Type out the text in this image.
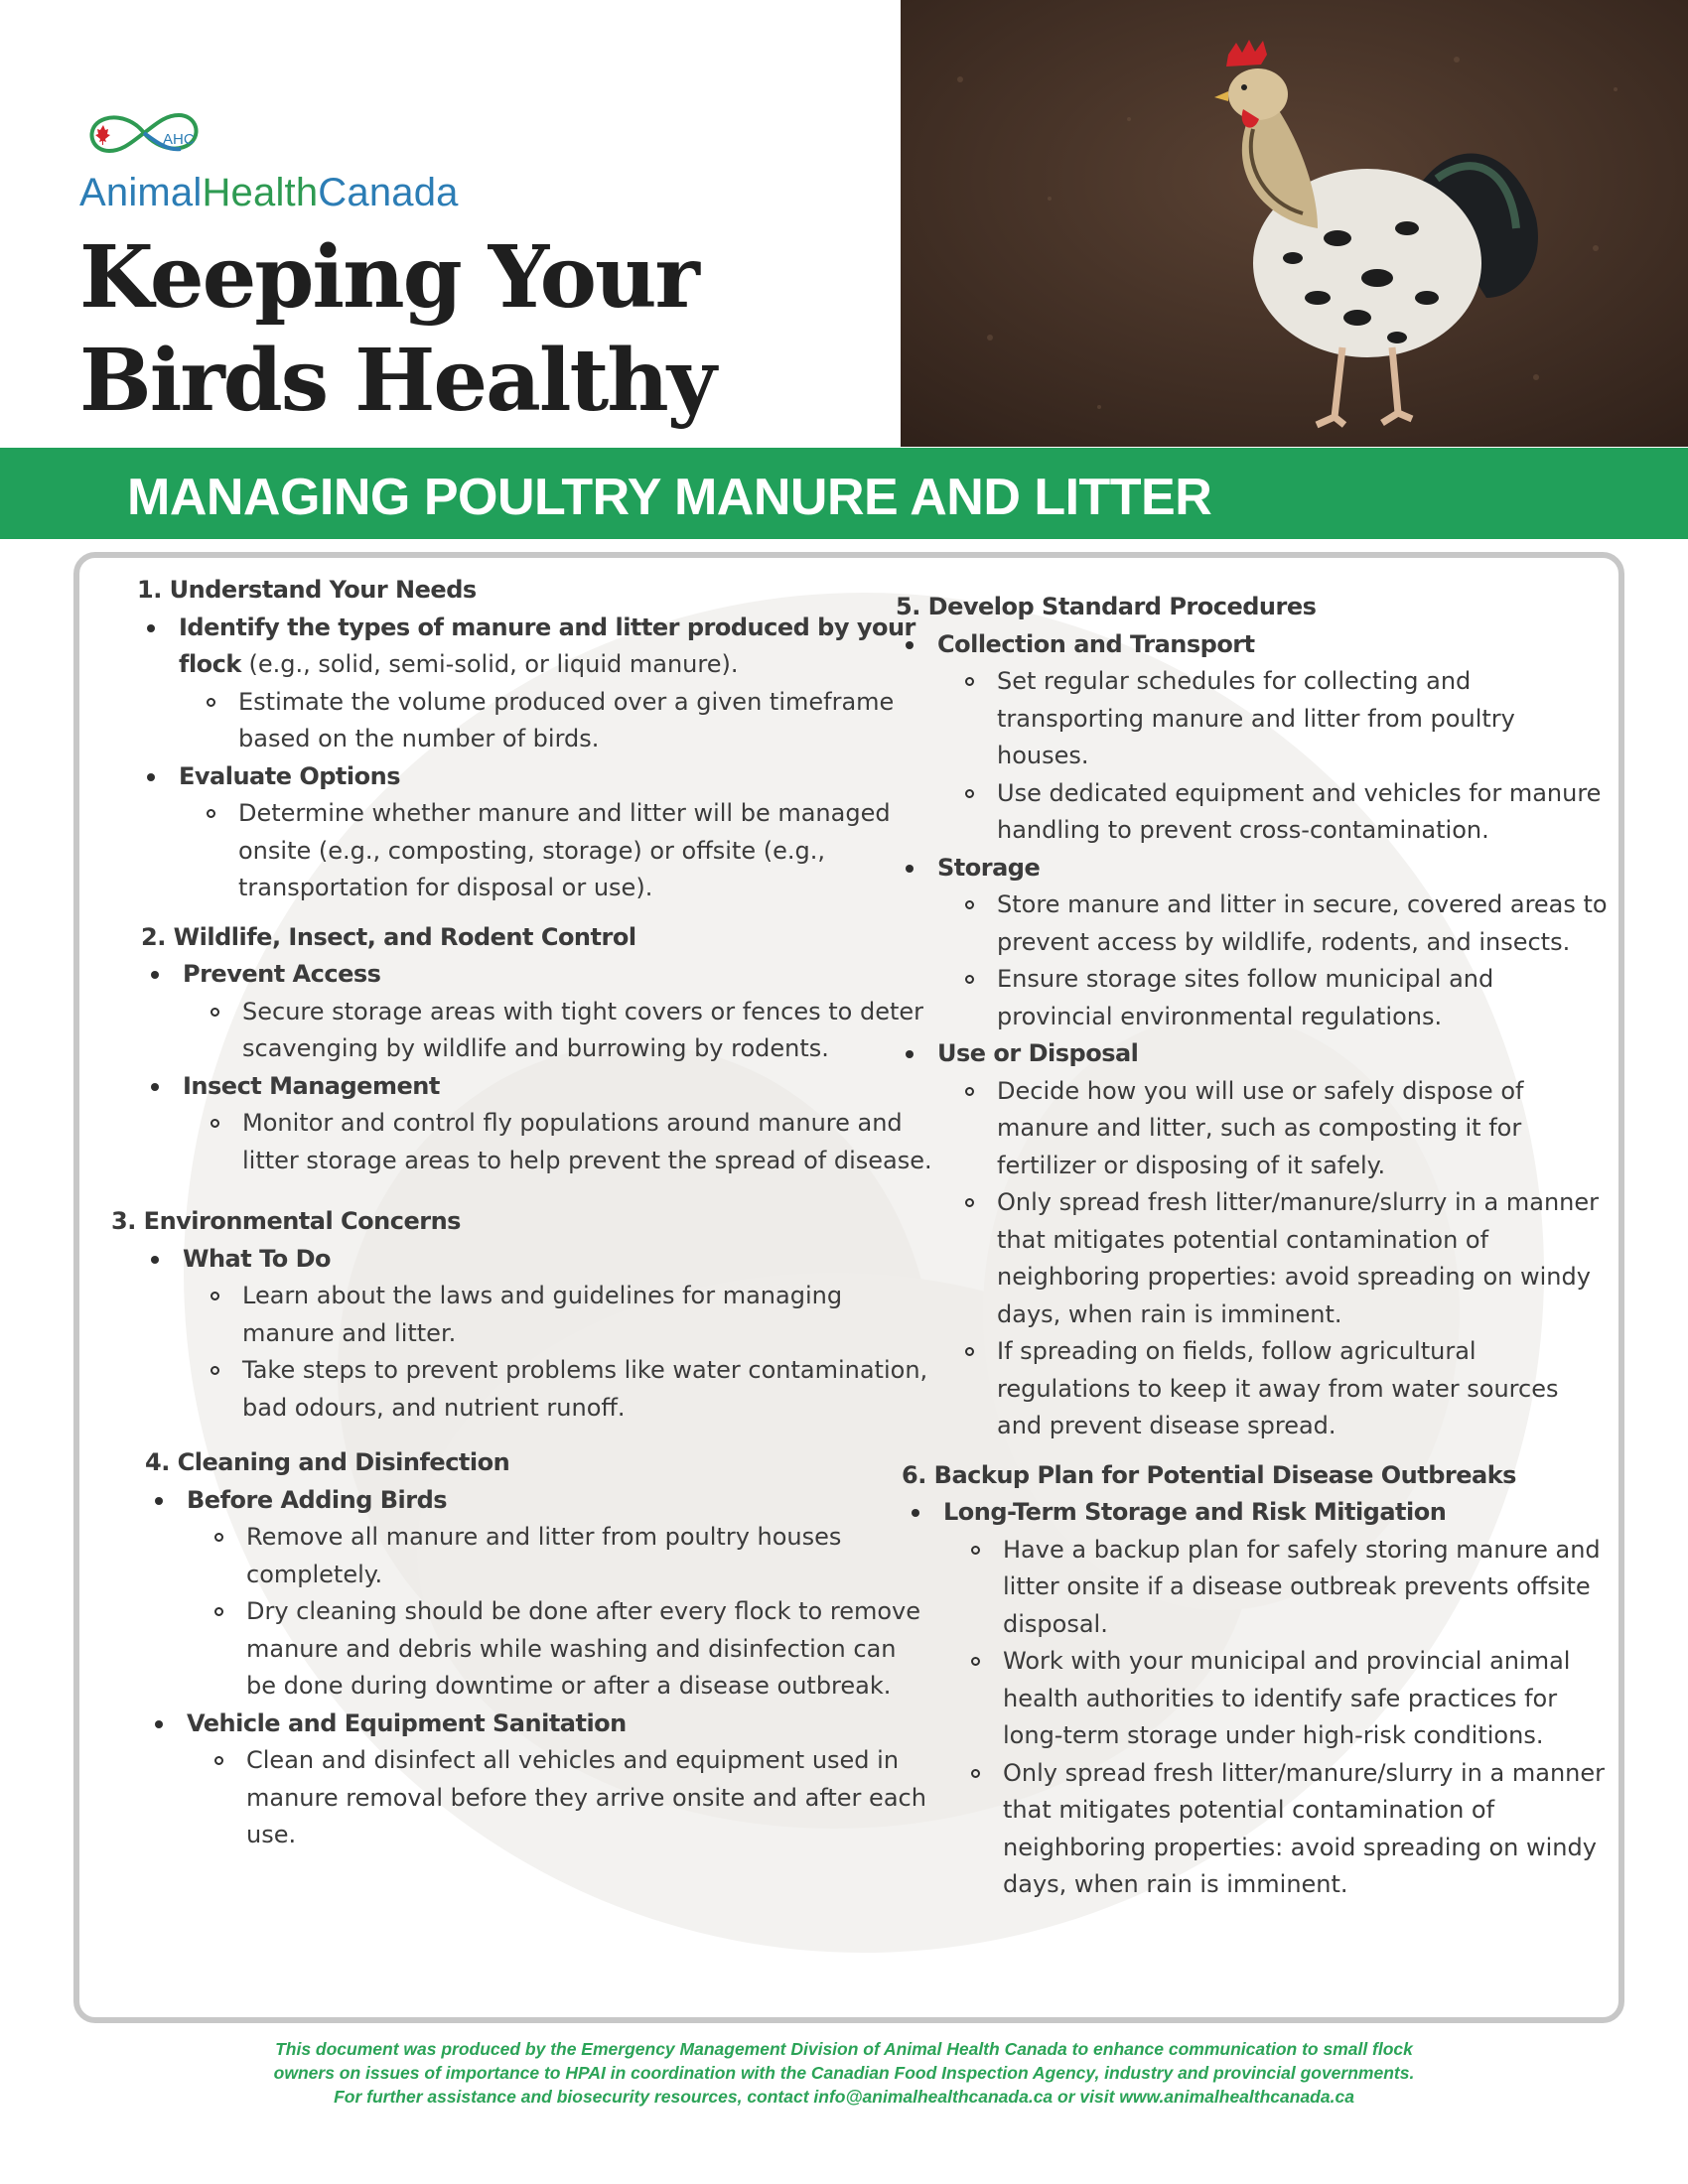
AHC
AnimalHealthCanada
Keeping Your
Birds Healthy
MANAGING POULTRY MANURE AND LITTER
1. Understand Your Needs
Identify the types of manure and litter produced by your flock (e.g., solid, semi-solid, or liquid manure).
Estimate the volume produced over a given timeframe based on the number of birds.
Evaluate Options
Determine whether manure and litter will be managed onsite (e.g., composting, storage) or offsite (e.g., transportation for disposal or use).
2. Wildlife, Insect, and Rodent Control
Prevent Access
Secure storage areas with tight covers or fences to deter scavenging by wildlife and burrowing by rodents.
Insect Management
Monitor and control fly populations around manure and litter storage areas to help prevent the spread of disease.
3. Environmental Concerns
What To Do
Learn about the laws and guidelines for managing manure and litter.
Take steps to prevent problems like water contamination, bad odours, and nutrient runoff.
4. Cleaning and Disinfection
Before Adding Birds
Remove all manure and litter from poultry houses completely.
Dry cleaning should be done after every flock to remove manure and debris while washing and disinfection can be done during downtime or after a disease outbreak.
Vehicle and Equipment Sanitation
Clean and disinfect all vehicles and equipment used in manure removal before they arrive onsite and after each use.
5. Develop Standard Procedures
Collection and Transport
Set regular schedules for collecting and transporting manure and litter from poultry houses.
Use dedicated equipment and vehicles for manure handling to prevent cross-contamination.
Storage
Store manure and litter in secure, covered areas to prevent access by wildlife, rodents, and insects.
Ensure storage sites follow municipal and provincial environmental regulations.
Use or Disposal
Decide how you will use or safely dispose of manure and litter, such as composting it for fertilizer or disposing of it safely.
Only spread fresh litter/manure/slurry in a manner that mitigates potential contamination of neighboring properties: avoid spreading on windy days, when rain is imminent.
If spreading on fields, follow agricultural regulations to keep it away from water sources and prevent disease spread.
6. Backup Plan for Potential Disease Outbreaks
Long-Term Storage and Risk Mitigation
Have a backup plan for safely storing manure and litter onsite if a disease outbreak prevents offsite disposal.
Work with your municipal and provincial animal health authorities to identify safe practices for long-term storage under high-risk conditions.
Only spread fresh litter/manure/slurry in a manner that mitigates potential contamination of neighboring properties: avoid spreading on windy days, when rain is imminent.
This document was produced by the Emergency Management Division of Animal Health Canada to enhance communication to small flock
owners on issues of importance to HPAI in coordination with the Canadian Food Inspection Agency, industry and provincial governments.
For further assistance and biosecurity resources, contact info@animalhealthcanada.ca or visit www.animalhealthcanada.ca
